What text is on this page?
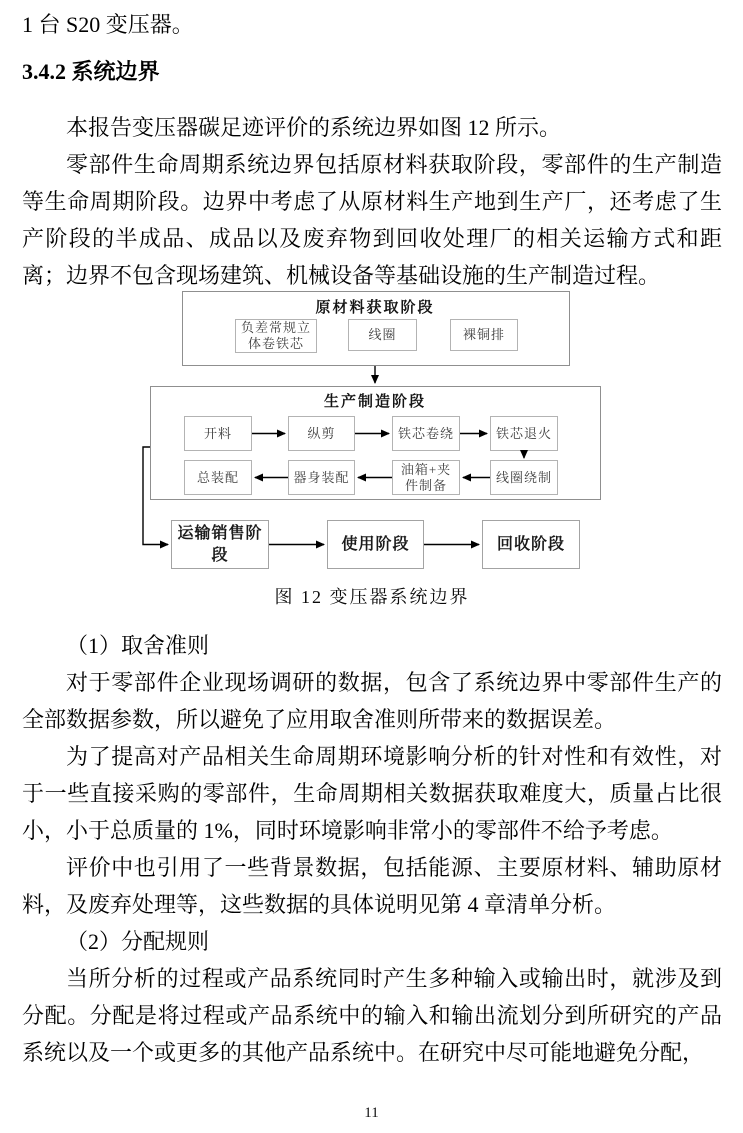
1 台 S20 变压器。

3.4.2 系统边界

本报告变压器碳足迹评价的系统边界如图 12 所示。

零部件生命周期系统边界包括原材料获取阶段，零部件的生产制造等生命周期阶段。边界中考虑了从原材料生产地到生产厂，还考虑了生产阶段的半成品、成品以及废弃物到回收处理厂的相关运输方式和距离；边界不包含现场建筑、机械设备等基础设施的生产制造过程。

原材料获取阶段
负差常规立体卷铁芯
线圈	裸铜排
生产制造阶段
开料	纵剪	铁芯卷绕	铁芯退火
总装配	器身装配
油箱+夹件制备
线圈绕制
运输销售阶段
使用阶段	回收阶段
图 12 变压器系统边界

（1）取舍准则

对于零部件企业现场调研的数据，包含了系统边界中零部件生产的全部数据参数，所以避免了应用取舍准则所带来的数据误差。

为了提高对产品相关生命周期环境影响分析的针对性和有效性，对于一些直接采购的零部件，生命周期相关数据获取难度大，质量占比很小，小于总质量的 1%，同时环境影响非常小的零部件不给予考虑。

评价中也引用了一些背景数据，包括能源、主要原材料、辅助原材料，及废弃处理等，这些数据的具体说明见第 4 章清单分析。

（2）分配规则

当所分析的过程或产品系统同时产生多种输入或输出时，就涉及到分配。分配是将过程或产品系统中的输入和输出流划分到所研究的产品系统以及一个或更多的其他产品系统中。在研究中尽可能地避免分配，

11
